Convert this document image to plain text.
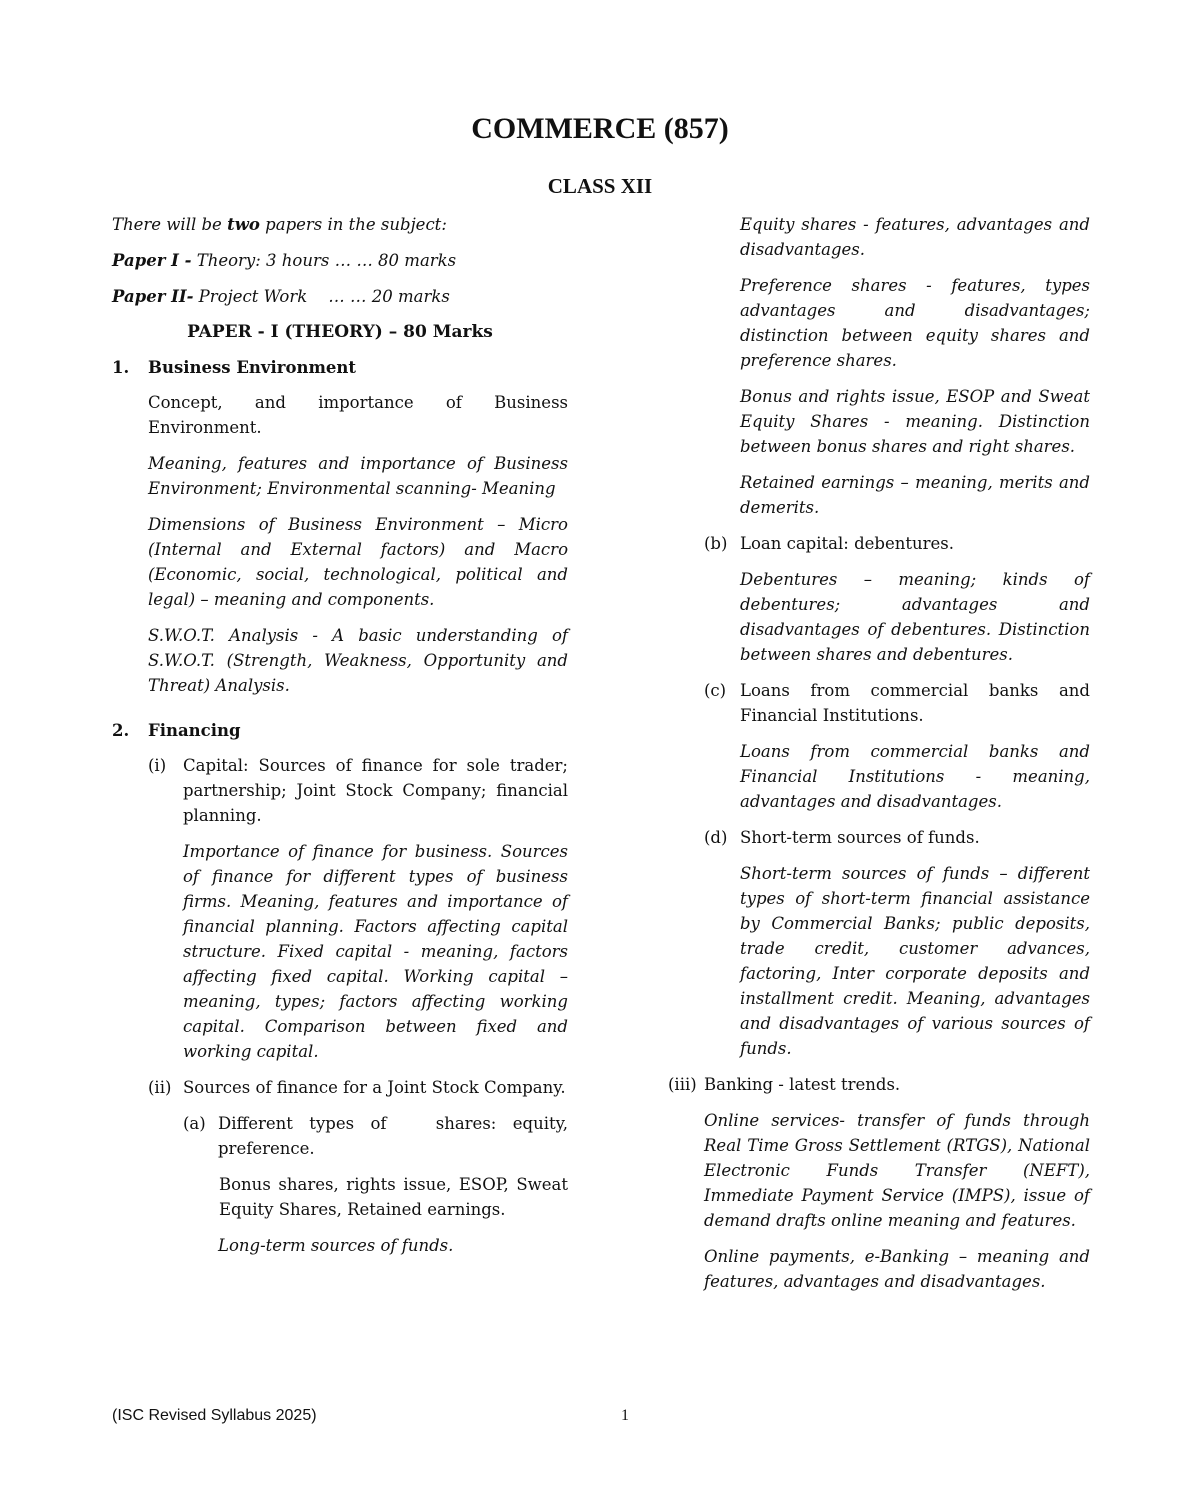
COMMERCE (857)
CLASS XII

There will be two papers in the subject:

Paper I - Theory: 3 hours … … 80 marks

Paper II- Project Work    … … 20 marks

PAPER - I (THEORY) – 80 Marks
1.	Business Environment

Concept, and importance of Business Environment.

Meaning, features and importance of Business Environment; Environmental scanning- Meaning

Dimensions of Business Environment – Micro (Internal and External factors) and Macro (Economic, social, technological, political and legal) – meaning and components.

S.W.O.T. Analysis - A basic understanding of S.W.O.T. (Strength, Weakness, Opportunity and Threat) Analysis.

2.	Financing
(i)	Capital: Sources of finance for sole trader; partnership; Joint Stock Company; financial planning.

Importance of finance for business. Sources of finance for different types of business firms. Meaning, features and importance of financial planning. Factors affecting capital structure. Fixed capital - meaning, factors affecting fixed capital. Working capital – meaning, types; factors affecting working capital. Comparison between fixed and working capital.

(ii) Sources of finance for a Joint Stock Company.
(a) Different types of   shares: equity, preference.

Bonus shares, rights issue, ESOP, Sweat Equity Shares, Retained earnings.

Long-term sources of funds.

Equity shares - features, advantages and disadvantages.

Preference shares - features, types advantages and disadvantages; distinction between equity shares and preference shares.

Bonus and rights issue, ESOP and Sweat Equity Shares - meaning. Distinction between bonus shares and right shares.

Retained earnings – meaning, merits and demerits.

(b) Loan capital: debentures.

Debentures – meaning; kinds of debentures; advantages and disadvantages of debentures. Distinction between shares and debentures.

(c) Loans from commercial banks and Financial Institutions.

Loans from commercial banks and Financial Institutions - meaning, advantages and disadvantages.

(d) Short-term sources of funds.

Short-term sources of funds – different types of short-term financial assistance by Commercial Banks; public deposits, trade credit, customer advances, factoring, Inter corporate deposits and installment credit. Meaning, advantages and disadvantages of various sources of funds.

(iii) Banking - latest trends.

Online services- transfer of funds through Real Time Gross Settlement (RTGS), National Electronic Funds Transfer (NEFT), Immediate Payment Service (IMPS), issue of demand drafts online meaning and features.

Online payments, e-Banking – meaning and features, advantages and disadvantages.

(ISC Revised Syllabus 2025)	1
